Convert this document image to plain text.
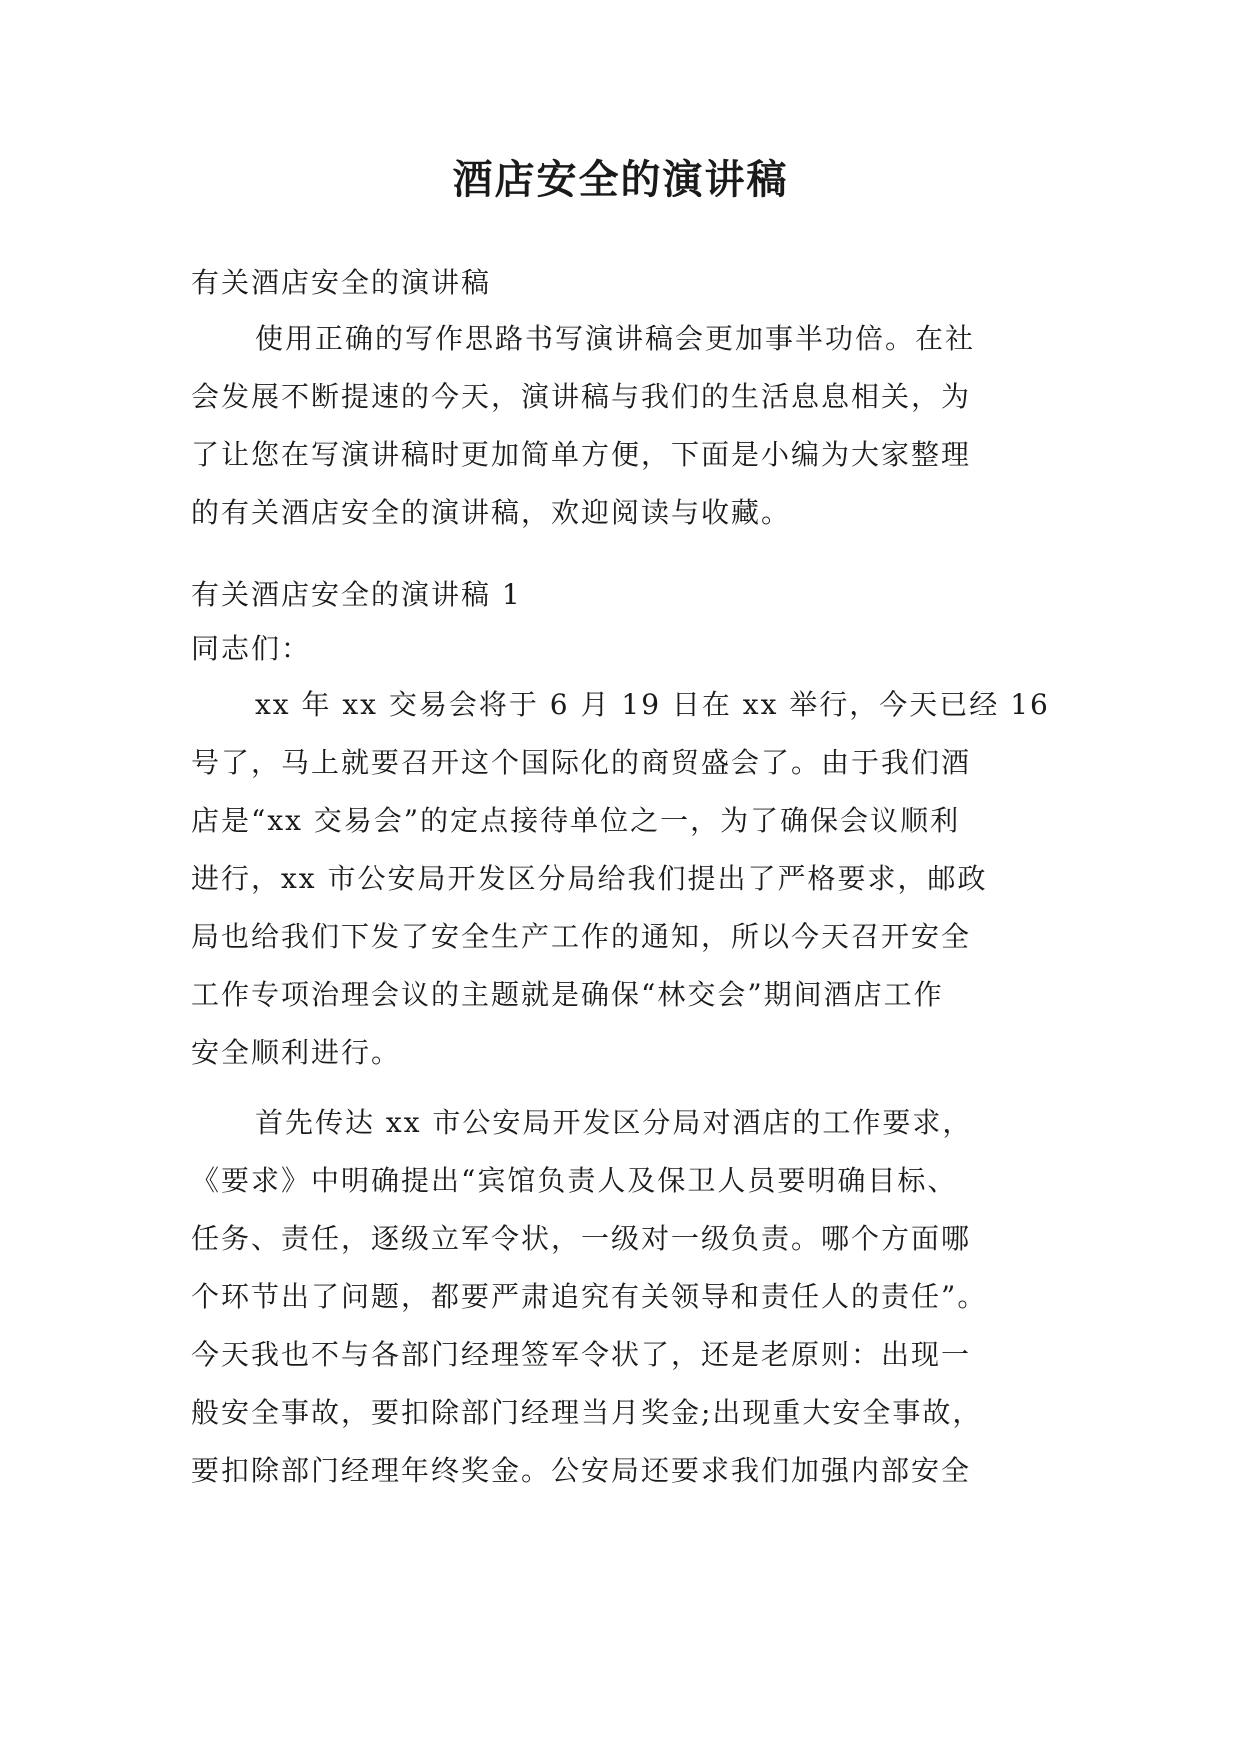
酒店安全的演讲稿
有关酒店安全的演讲稿
使用正确的写作思路书写演讲稿会更加事半功倍。在社
会发展不断提速的今天，演讲稿与我们的生活息息相关，为
了让您在写演讲稿时更加简单方便，下面是小编为大家整理
的有关酒店安全的演讲稿，欢迎阅读与收藏。
有关酒店安全的演讲稿 1
同志们：
xx 年 xx 交易会将于 6 月 19 日在 xx 举行，今天已经 16
号了，马上就要召开这个国际化的商贸盛会了。由于我们酒
店是“xx 交易会”的定点接待单位之一，为了确保会议顺利
进行，xx 市公安局开发区分局给我们提出了严格要求，邮政
局也给我们下发了安全生产工作的通知，所以今天召开安全
工作专项治理会议的主题就是确保“林交会”期间酒店工作
安全顺利进行。
首先传达 xx 市公安局开发区分局对酒店的工作要求，
《要求》中明确提出“宾馆负责人及保卫人员要明确目标、
任务、责任，逐级立军令状，一级对一级负责。哪个方面哪
个环节出了问题，都要严肃追究有关领导和责任人的责任”。
今天我也不与各部门经理签军令状了，还是老原则：出现一
般安全事故，要扣除部门经理当月奖金;出现重大安全事故，
要扣除部门经理年终奖金。公安局还要求我们加强内部安全
